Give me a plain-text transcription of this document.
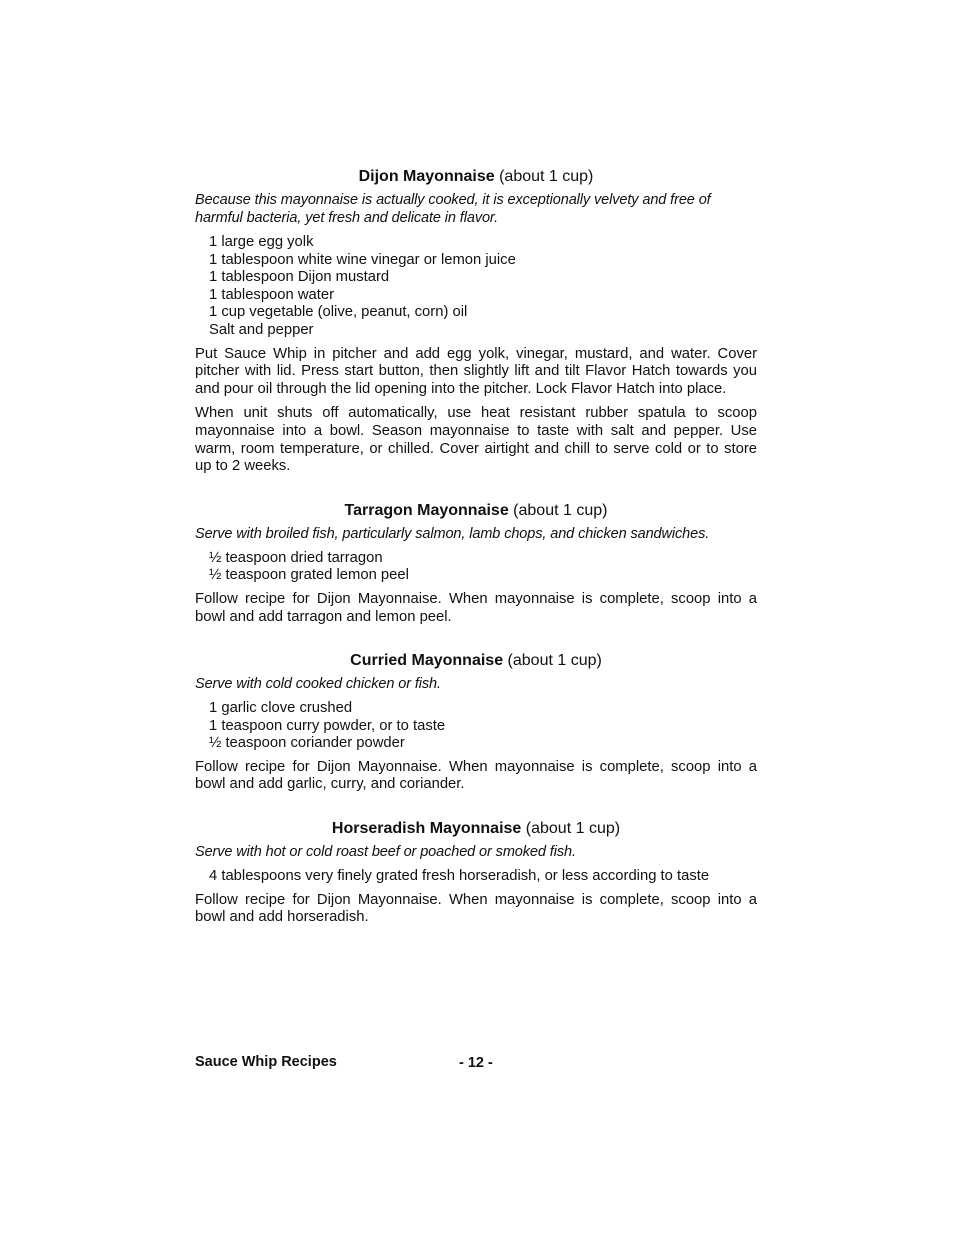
Dijon Mayonnaise (about 1 cup)

Because this mayonnaise is actually cooked, it is exceptionally velvety and free of harmful bacteria, yet fresh and delicate in flavor.

1 large egg yolk
1 tablespoon white wine vinegar or lemon juice
1 tablespoon Dijon mustard
1 tablespoon water
1 cup vegetable (olive, peanut, corn) oil
Salt and pepper

Put Sauce Whip in pitcher and add egg yolk, vinegar, mustard, and water. Cover pitcher with lid. Press start button, then slightly lift and tilt Flavor Hatch towards you and pour oil through the lid opening into the pitcher. Lock Flavor Hatch into place.

When unit shuts off automatically, use heat resistant rubber spatula to scoop mayonnaise into a bowl. Season mayonnaise to taste with salt and pepper. Use warm, room temperature, or chilled. Cover airtight and chill to serve cold or to store up to 2 weeks.

Tarragon Mayonnaise (about 1 cup)

Serve with broiled fish, particularly salmon, lamb chops, and chicken sandwiches.

½ teaspoon dried tarragon
½ teaspoon grated lemon peel

Follow recipe for Dijon Mayonnaise. When mayonnaise is complete, scoop into a bowl and add tarragon and lemon peel.

Curried Mayonnaise (about 1 cup)

Serve with cold cooked chicken or fish.

1 garlic clove crushed
1 teaspoon curry powder, or to taste
½ teaspoon coriander powder

Follow recipe for Dijon Mayonnaise. When mayonnaise is complete, scoop into a bowl and add garlic, curry, and coriander.

Horseradish Mayonnaise (about 1 cup)

Serve with hot or cold roast beef or poached or smoked fish.

4 tablespoons very finely grated fresh horseradish, or less according to taste

Follow recipe for Dijon Mayonnaise. When mayonnaise is complete, scoop into a bowl and add horseradish.

Sauce Whip Recipes	- 12 -
